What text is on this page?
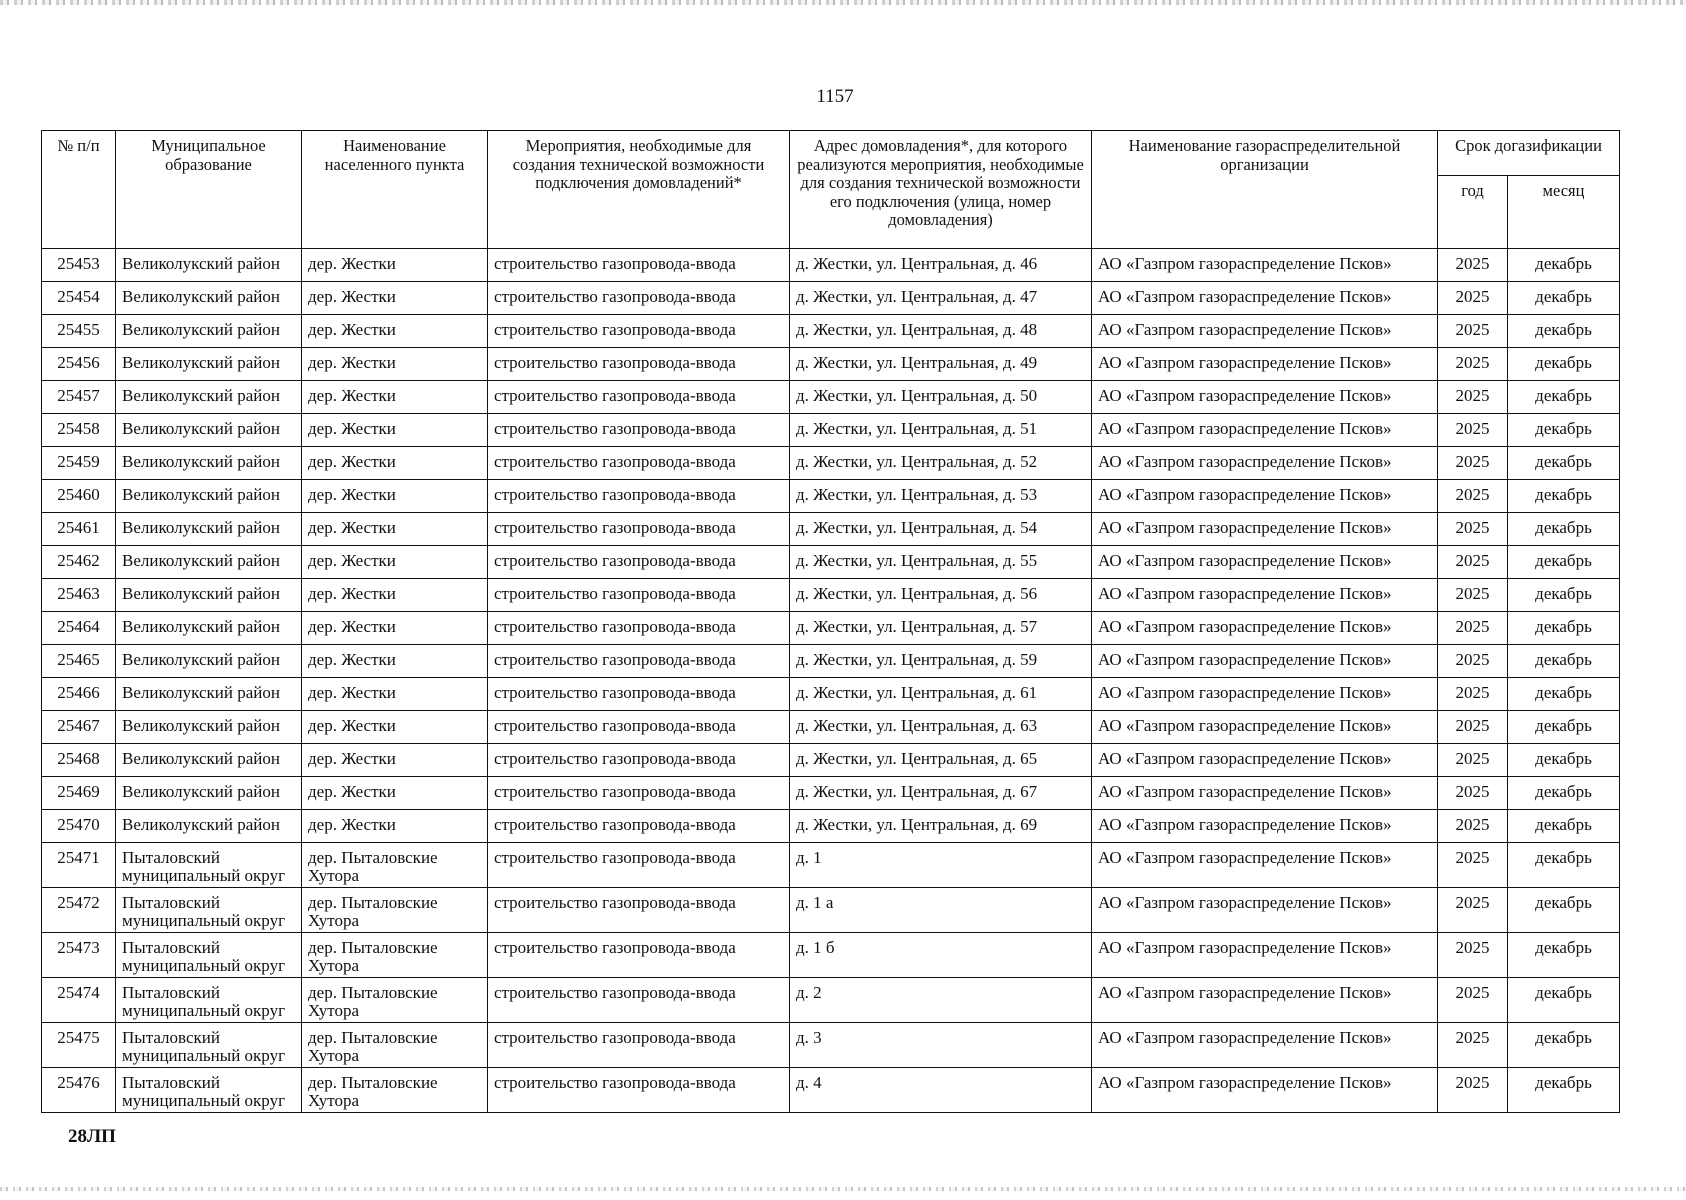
1157
№ п/п	Муниципальное образование	Наименование населенного пункта	Мероприятия, необходимые для создания технической возможности подключения домовладений*	Адрес домовладения*, для которого реализуются мероприятия, необходимые для создания технической возможности его подключения (улица, номер домовладения)	Наименование газораспределительной организации	Срок догазификации	
						год	месяц
25453	Великолукский район	дер. Жестки	строительство газопровода-ввода	д. Жестки, ул. Центральная, д. 46	АО «Газпром газораспределение Псков»	2025	декабрь
25454	Великолукский район	дер. Жестки	строительство газопровода-ввода	д. Жестки, ул. Центральная, д. 47	АО «Газпром газораспределение Псков»	2025	декабрь
25455	Великолукский район	дер. Жестки	строительство газопровода-ввода	д. Жестки, ул. Центральная, д. 48	АО «Газпром газораспределение Псков»	2025	декабрь
25456	Великолукский район	дер. Жестки	строительство газопровода-ввода	д. Жестки, ул. Центральная, д. 49	АО «Газпром газораспределение Псков»	2025	декабрь
25457	Великолукский район	дер. Жестки	строительство газопровода-ввода	д. Жестки, ул. Центральная, д. 50	АО «Газпром газораспределение Псков»	2025	декабрь
25458	Великолукский район	дер. Жестки	строительство газопровода-ввода	д. Жестки, ул. Центральная, д. 51	АО «Газпром газораспределение Псков»	2025	декабрь
25459	Великолукский район	дер. Жестки	строительство газопровода-ввода	д. Жестки, ул. Центральная, д. 52	АО «Газпром газораспределение Псков»	2025	декабрь
25460	Великолукский район	дер. Жестки	строительство газопровода-ввода	д. Жестки, ул. Центральная, д. 53	АО «Газпром газораспределение Псков»	2025	декабрь
25461	Великолукский район	дер. Жестки	строительство газопровода-ввода	д. Жестки, ул. Центральная, д. 54	АО «Газпром газораспределение Псков»	2025	декабрь
25462	Великолукский район	дер. Жестки	строительство газопровода-ввода	д. Жестки, ул. Центральная, д. 55	АО «Газпром газораспределение Псков»	2025	декабрь
25463	Великолукский район	дер. Жестки	строительство газопровода-ввода	д. Жестки, ул. Центральная, д. 56	АО «Газпром газораспределение Псков»	2025	декабрь
25464	Великолукский район	дер. Жестки	строительство газопровода-ввода	д. Жестки, ул. Центральная, д. 57	АО «Газпром газораспределение Псков»	2025	декабрь
25465	Великолукский район	дер. Жестки	строительство газопровода-ввода	д. Жестки, ул. Центральная, д. 59	АО «Газпром газораспределение Псков»	2025	декабрь
25466	Великолукский район	дер. Жестки	строительство газопровода-ввода	д. Жестки, ул. Центральная, д. 61	АО «Газпром газораспределение Псков»	2025	декабрь
25467	Великолукский район	дер. Жестки	строительство газопровода-ввода	д. Жестки, ул. Центральная, д. 63	АО «Газпром газораспределение Псков»	2025	декабрь
25468	Великолукский район	дер. Жестки	строительство газопровода-ввода	д. Жестки, ул. Центральная, д. 65	АО «Газпром газораспределение Псков»	2025	декабрь
25469	Великолукский район	дер. Жестки	строительство газопровода-ввода	д. Жестки, ул. Центральная, д. 67	АО «Газпром газораспределение Псков»	2025	декабрь
25470	Великолукский район	дер. Жестки	строительство газопровода-ввода	д. Жестки, ул. Центральная, д. 69	АО «Газпром газораспределение Псков»	2025	декабрь
25471	Пыталовский муниципальный округ	дер. Пыталовские Хутора	строительство газопровода-ввода	д. 1	АО «Газпром газораспределение Псков»	2025	декабрь
25472	Пыталовский муниципальный округ	дер. Пыталовские Хутора	строительство газопровода-ввода	д. 1 а	АО «Газпром газораспределение Псков»	2025	декабрь
25473	Пыталовский муниципальный округ	дер. Пыталовские Хутора	строительство газопровода-ввода	д. 1 б	АО «Газпром газораспределение Псков»	2025	декабрь
25474	Пыталовский муниципальный округ	дер. Пыталовские Хутора	строительство газопровода-ввода	д. 2	АО «Газпром газораспределение Псков»	2025	декабрь
25475	Пыталовский муниципальный округ	дер. Пыталовские Хутора	строительство газопровода-ввода	д. 3	АО «Газпром газораспределение Псков»	2025	декабрь
25476	Пыталовский муниципальный округ	дер. Пыталовские Хутора	строительство газопровода-ввода	д. 4	АО «Газпром газораспределение Псков»	2025	декабрь
28ЛП
